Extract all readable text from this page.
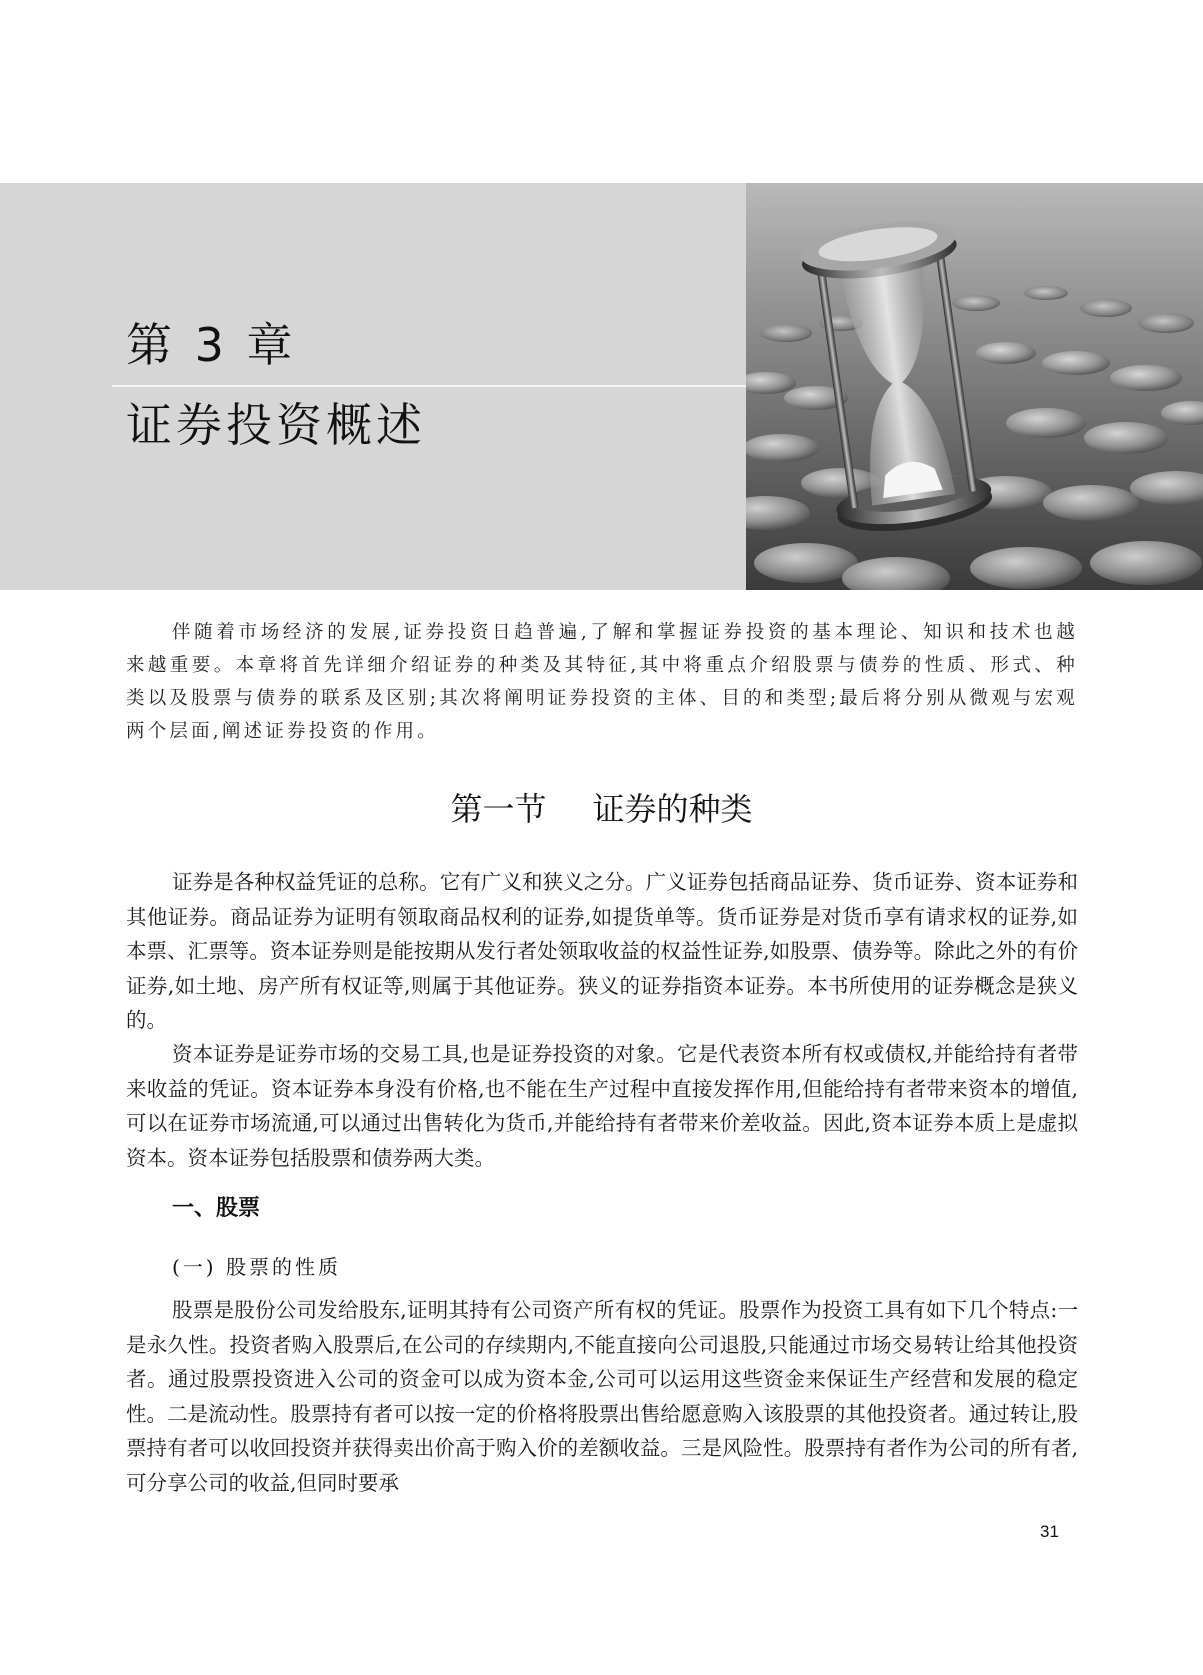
第 3 章
证券投资概述

伴随着市场经济的发展,证券投资日趋普遍,了解和掌握证券投资的基本理论、知识和技术也越来越重要。本章将首先详细介绍证券的种类及其特征,其中将重点介绍股票与债券的性质、形式、种类以及股票与债券的联系及区别;其次将阐明证券投资的主体、目的和类型;最后将分别从微观与宏观两个层面,阐述证券投资的作用。

第一节 证券的种类

证券是各种权益凭证的总称。它有广义和狭义之分。广义证券包括商品证券、货币证券、资本证券和其他证券。商品证券为证明有领取商品权利的证券,如提货单等。货币证券是对货币享有请求权的证券,如本票、汇票等。资本证券则是能按期从发行者处领取收益的权益性证券,如股票、债券等。除此之外的有价证券,如土地、房产所有权证等,则属于其他证券。狭义的证券指资本证券。本书所使用的证券概念是狭义的。

资本证券是证券市场的交易工具,也是证券投资的对象。它是代表资本所有权或债权,并能给持有者带来收益的凭证。资本证券本身没有价格,也不能在生产过程中直接发挥作用,但能给持有者带来资本的增值,可以在证券市场流通,可以通过出售转化为货币,并能给持有者带来价差收益。因此,资本证券本质上是虚拟资本。资本证券包括股票和债券两大类。

一、股票
(一) 股票的性质

股票是股份公司发给股东,证明其持有公司资产所有权的凭证。股票作为投资工具有如下几个特点:一是永久性。投资者购入股票后,在公司的存续期内,不能直接向公司退股,只能通过市场交易转让给其他投资者。通过股票投资进入公司的资金可以成为资本金,公司可以运用这些资金来保证生产经营和发展的稳定性。二是流动性。股票持有者可以按一定的价格将股票出售给愿意购入该股票的其他投资者。通过转让,股票持有者可以收回投资并获得卖出价高于购入价的差额收益。三是风险性。股票持有者作为公司的所有者,可分享公司的收益,但同时要承

31
